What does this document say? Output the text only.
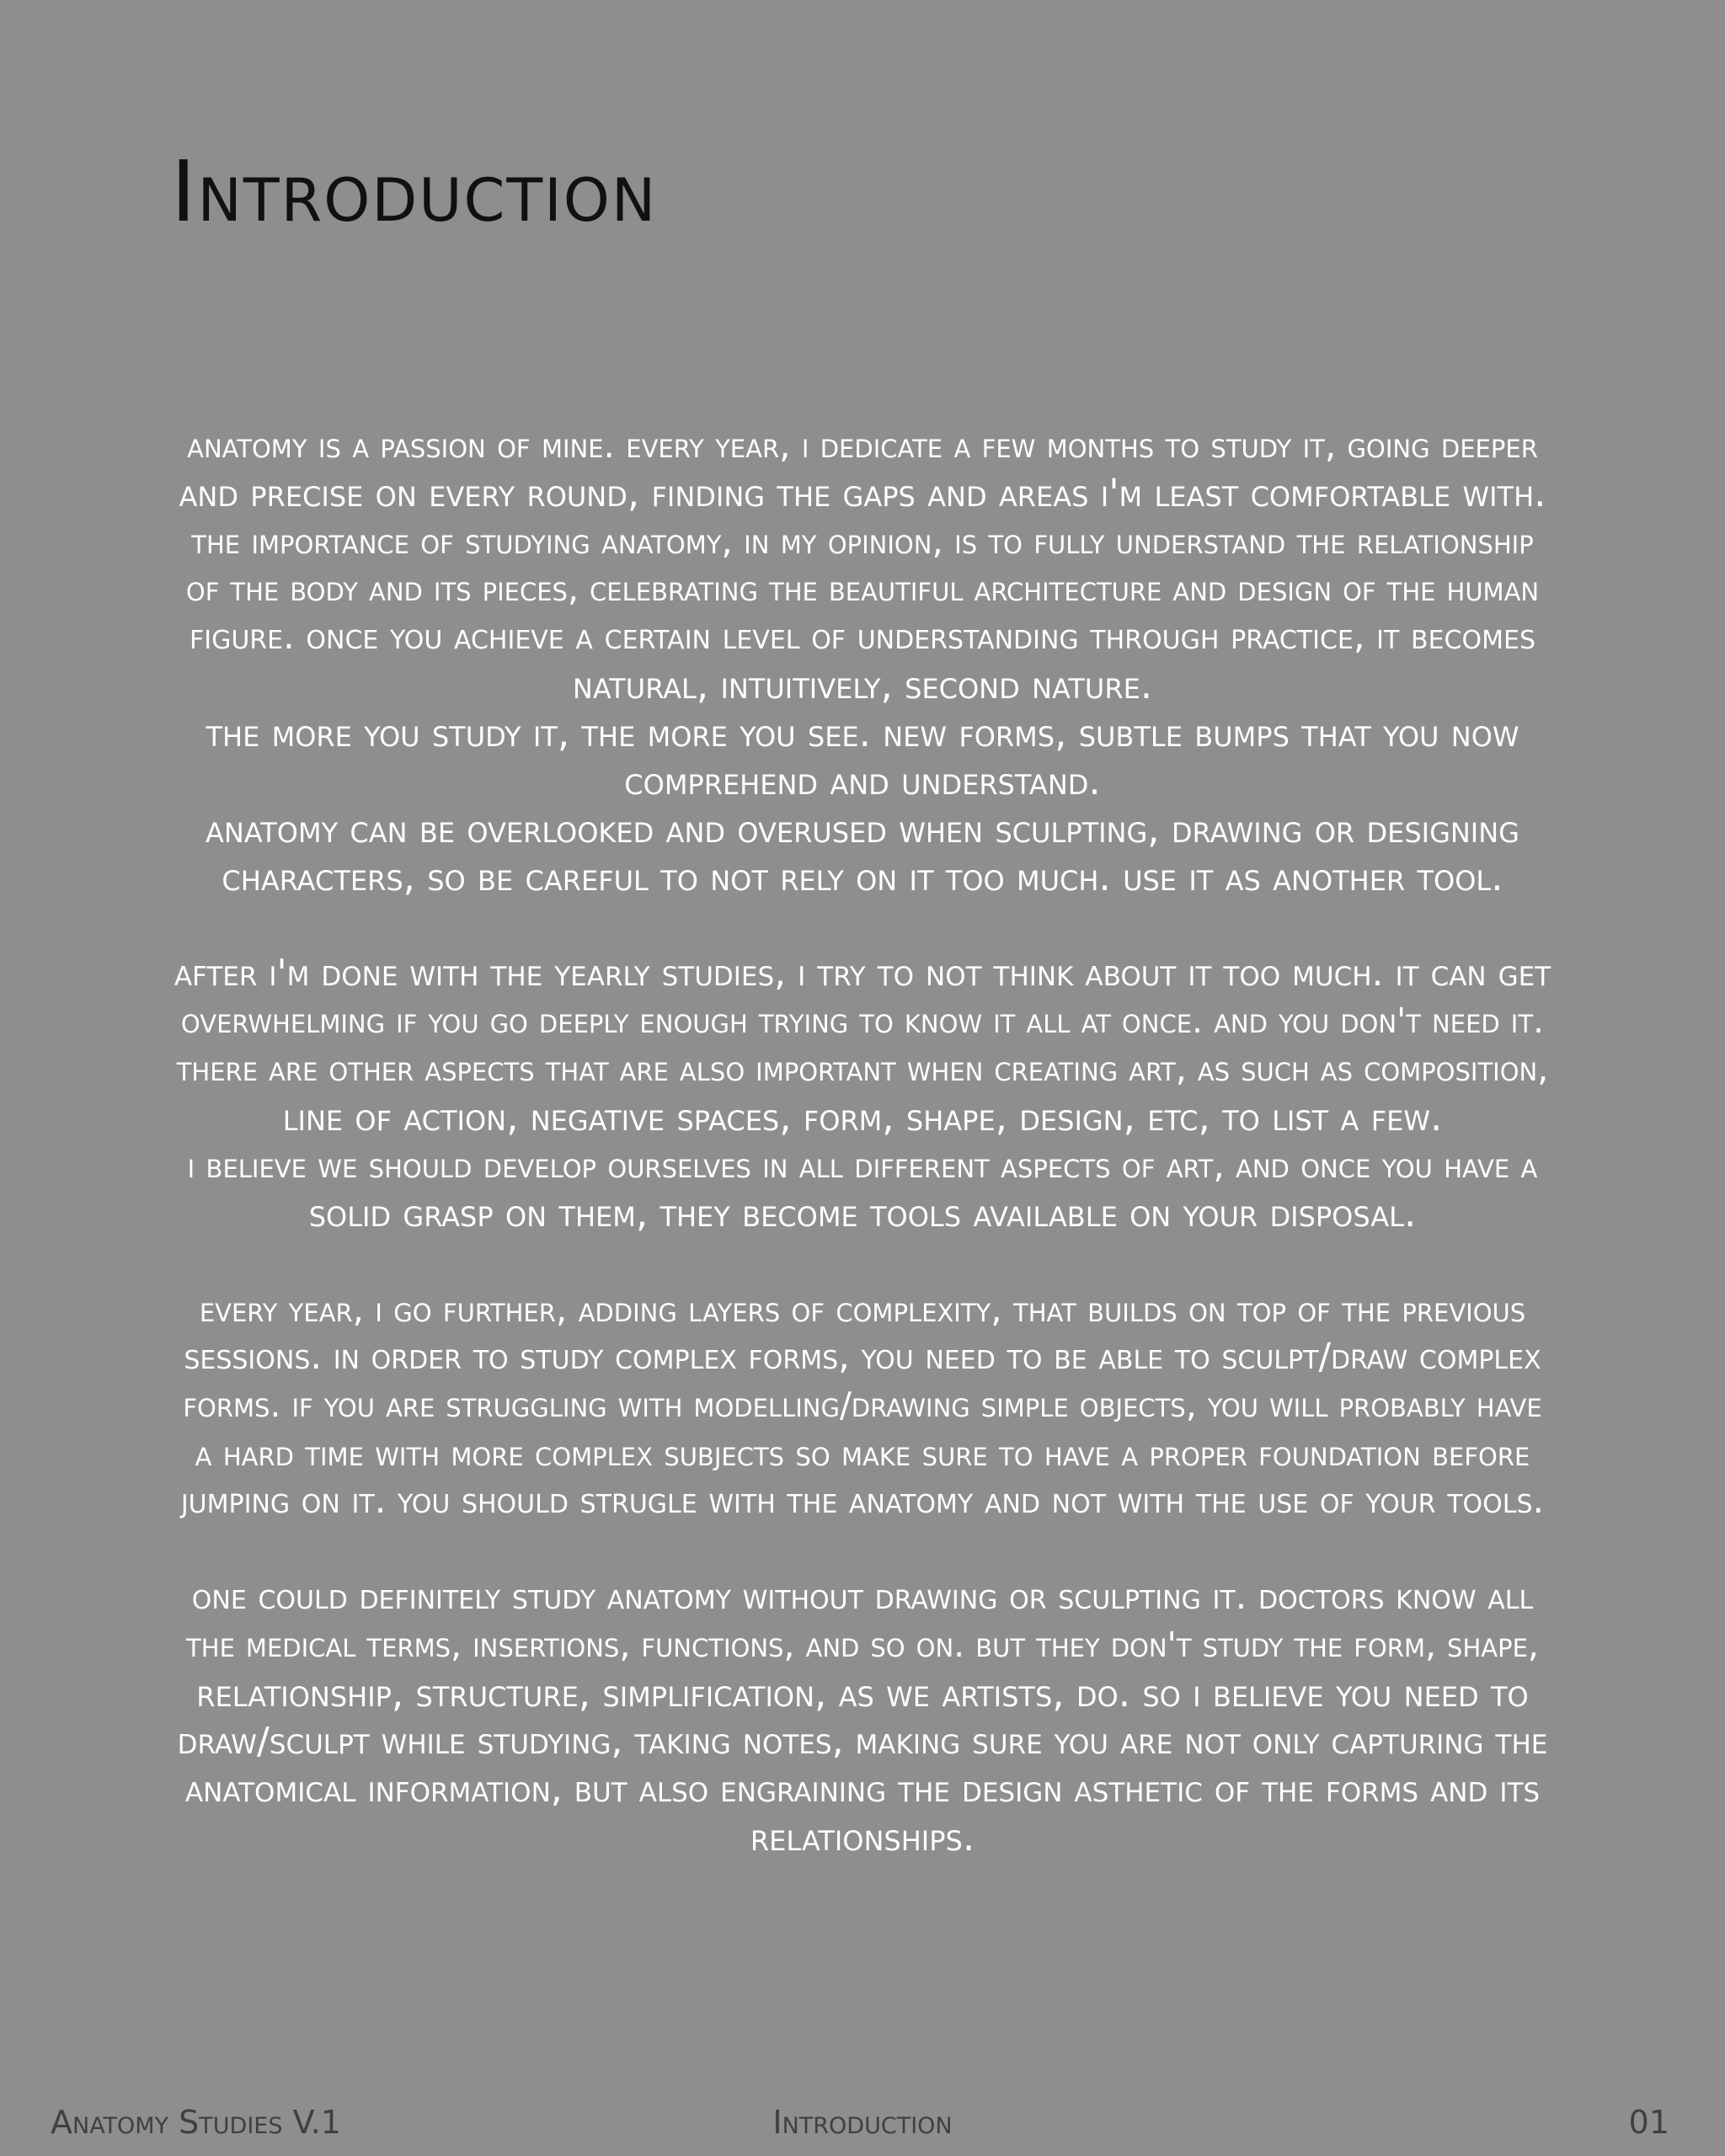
Introduction
anatomy is a passion of mine. every year, i dedicate a few months to study it, going deeper
and precise on every round, finding the gaps and areas i'm least comfortable with.
the importance of studying anatomy, in my opinion, is to fully understand the relationship
of the body and its pieces, celebrating the beautiful architecture and design of the human
figure. once you achieve a certain level of understanding through practice, it becomes
natural, intuitively, second nature.
the more you study it, the more you see. new forms, subtle bumps that you now
comprehend and understand.
anatomy can be overlooked and overused when sculpting, drawing or designing
characters, so be careful to not rely on it too much. use it as another tool.
after i'm done with the yearly studies, i try to not think about it too much. it can get
overwhelming if you go deeply enough trying to know it all at once. and you don't need it.
there are other aspects that are also important when creating art, as such as composition,
line of action, negative spaces, form, shape, design, etc, to list a few.
i believe we should develop ourselves in all different aspects of art, and once you have a
solid grasp on them, they become tools available on your disposal.
every year, i go further, adding layers of complexity, that builds on top of the previous
sessions. in order to study complex forms, you need to be able to sculpt/draw complex
forms. if you are struggling with modelling/drawing simple objects, you will probably have
a hard time with more complex subjects so make sure to have a proper foundation before
jumping on it. you should strugle with the anatomy and not with the use of your tools.
one could definitely study anatomy without drawing or sculpting it. doctors know all
the medical terms, insertions, functions, and so on. but they don't study the form, shape,
relationship, structure, simplification, as we artists, do. so i believe you need to
draw/sculpt while studying, taking notes, making sure you are not only capturing the
anatomical information, but also engraining the design asthetic of the forms and its
relationships.
Anatomy Studies V.1	Introduction	01
